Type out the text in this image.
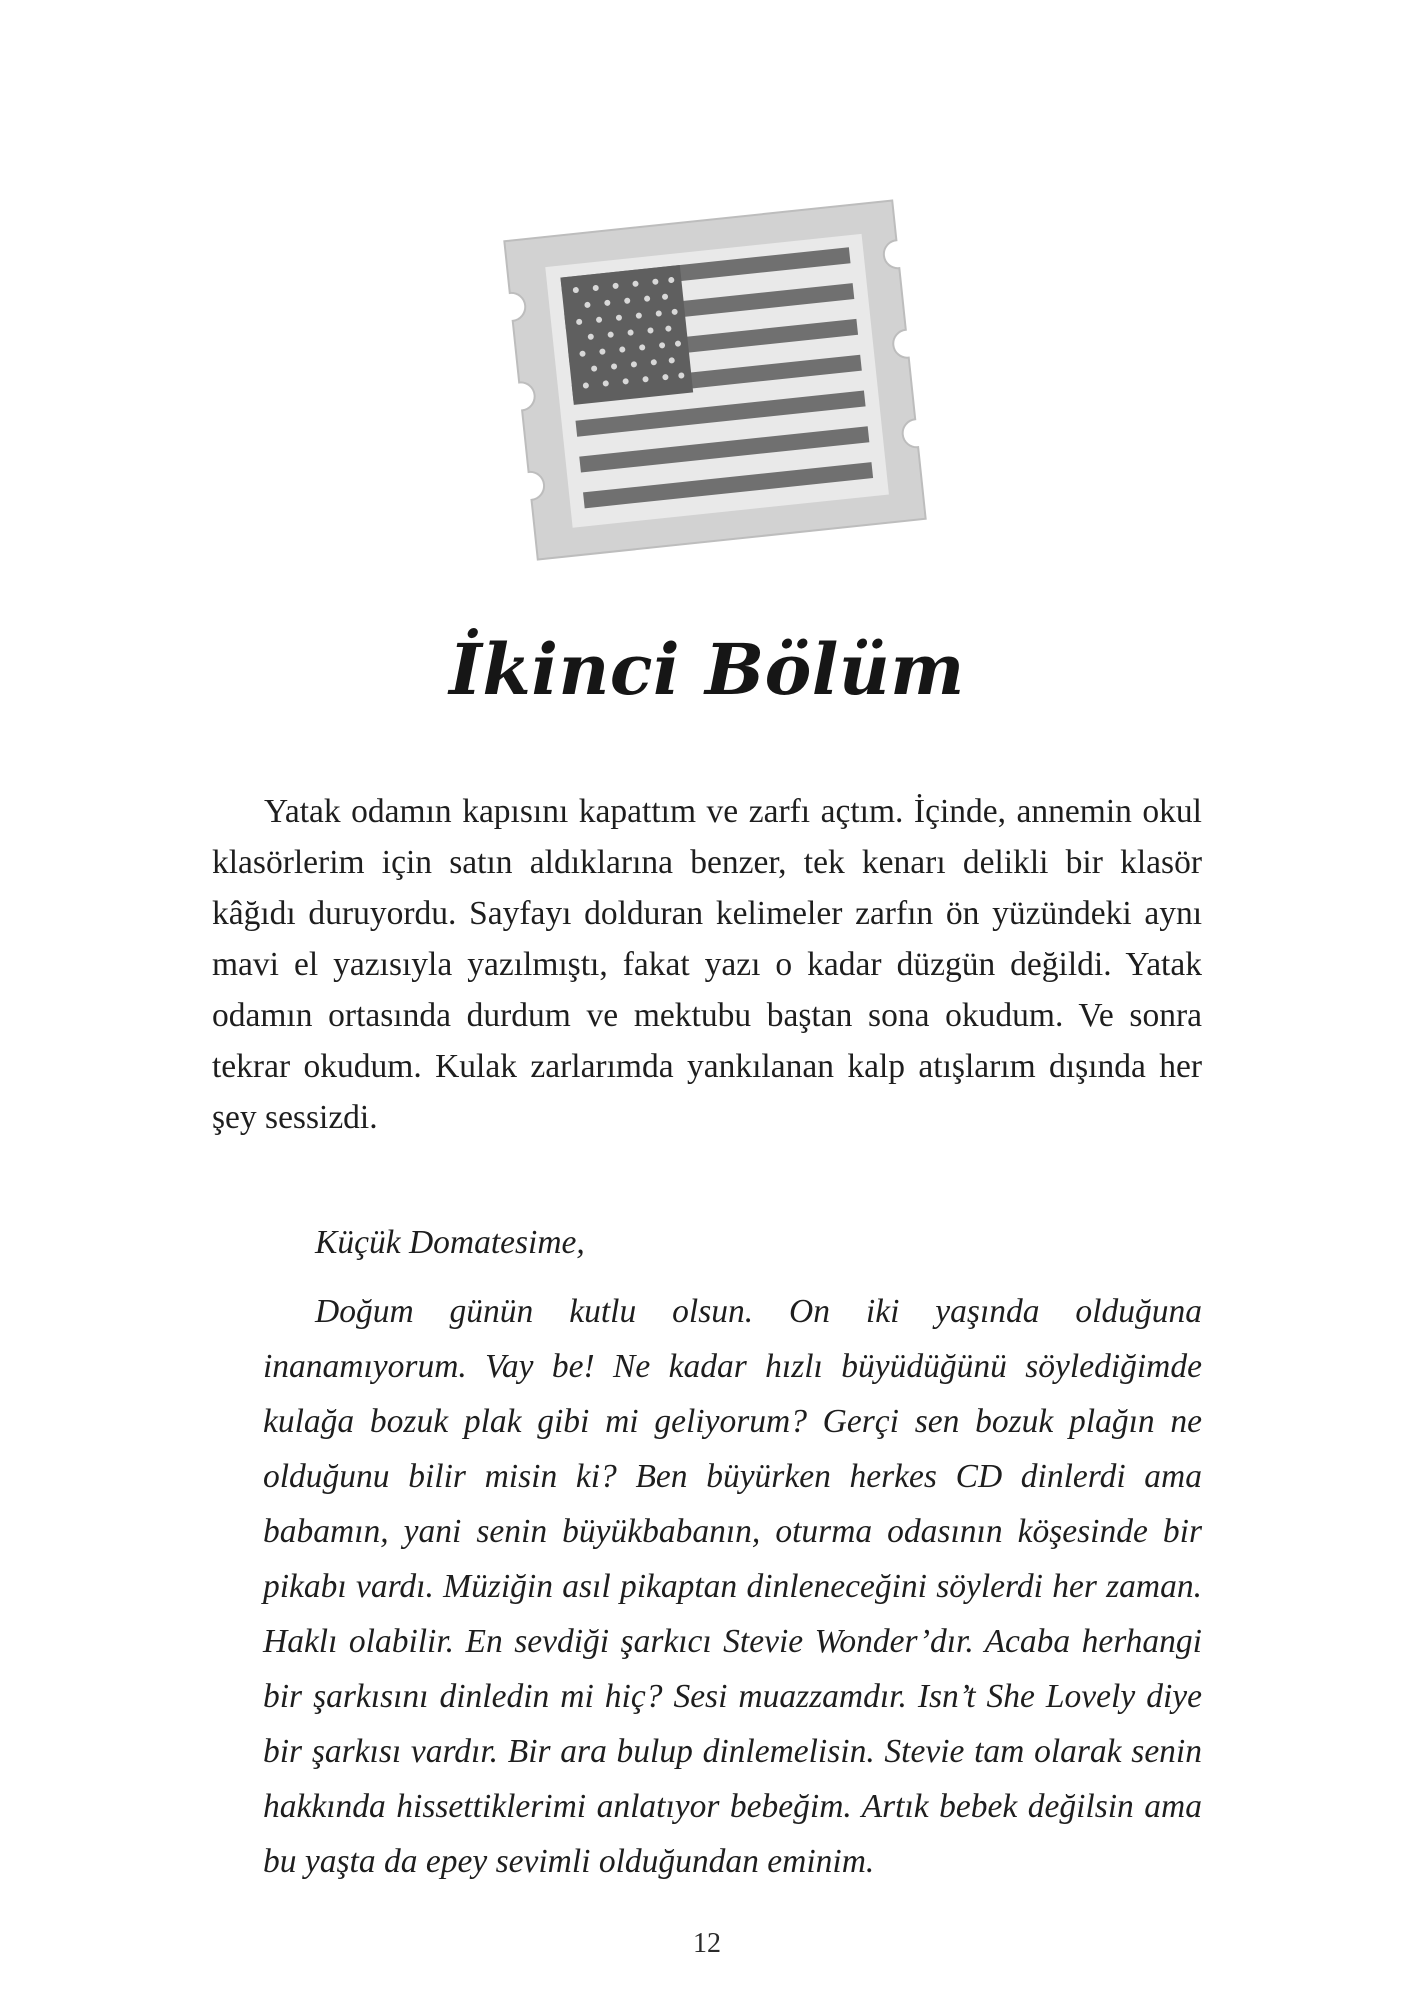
İkinci Bölüm

Yatak odamın kapısını kapattım ve zarfı açtım. İçinde, annemin okul klasörlerim için satın aldıklarına benzer, tek kenarı delikli bir klasör kâğıdı duruyordu. Sayfayı dolduran kelimeler zarfın ön yüzündeki aynı mavi el yazısıyla yazılmıştı, fakat yazı o kadar düzgün değildi. Yatak odamın ortasında durdum ve mektubu baştan sona okudum. Ve sonra tekrar okudum. Kulak zarlarımda yankılanan kalp atışlarım dışında her şey sessizdi.

Küçük Domatesime,

Doğum günün kutlu olsun. On iki yaşında olduğuna inanamıyorum. Vay be! Ne kadar hızlı büyüdüğünü söylediğimde kulağa bozuk plak gibi mi geliyorum? Gerçi sen bozuk plağın ne olduğunu bilir misin ki? Ben büyürken herkes CD dinlerdi ama babamın, yani senin büyükbabanın, oturma odasının köşesinde bir pikabı vardı. Müziğin asıl pikaptan dinleneceğini söylerdi her zaman. Haklı olabilir. En sevdiği şarkıcı Stevie Wonder’dır. Acaba herhangi bir şarkısını dinledin mi hiç? Sesi muazzamdır. Isn’t She Lovely diye bir şarkısı vardır. Bir ara bulup dinlemelisin. Stevie tam olarak senin hakkında hissettiklerimi anlatıyor bebeğim. Artık bebek değilsin ama bu yaşta da epey sevimli olduğundan eminim.

12
